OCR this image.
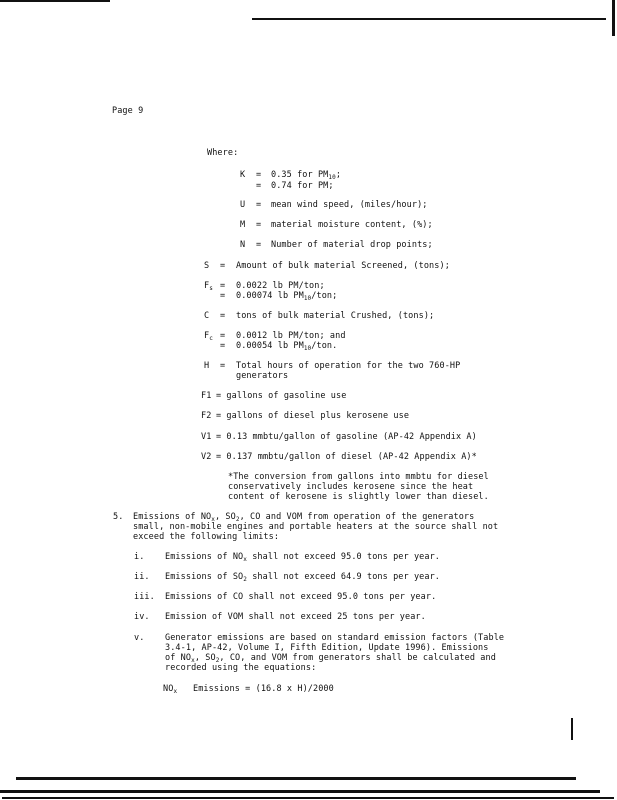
Page 9
Where:
K = 0.35 for $PM_{10}$;
= 0.74 for PM;
U = mean wind speed, (miles/hour);
M = material moisture content, (%);
N = Number of material drop points;
S = Amount of bulk material Screened, (tons);
$F_s = 0.0022$ lb PM/ton;
= 0.00074 lb $PM_{10}$/ton;
C = tons of bulk material Crushed, (tons);
$F_c = 0.0012$ lb PM/ton; and
= 0.00054 lb $PM_{10}$/ton.
H = Total hours of operation for the two 760-HP
generators
F1 = gallons of gasoline use
F2 = gallons of diesel plus kerosene use
V1 = 0.13 mmbtu/gallon of gasoline (AP-42 Appendix A)
V2 = 0.137 mmbtu/gallon of diesel (AP-42 Appendix A)*
*The conversion from gallons into mmbtu for diesel
conservatively includes kerosene since the heat
content of kerosene is slightly lower than diesel.
5. Emissions of $NO_x$, $SO_2$, CO and VOM from operation of the generators
small, non-mobile engines and portable heaters at the source shall not
exceed the following limits:
i. Emissions of $NO_x$ shall not exceed 95.0 tons per year.
ii. Emissions of $SO_2$ shall not exceed 64.9 tons per year.
iii. Emissions of CO shall not exceed 95.0 tons per year.
iv. Emission of VOM shall not exceed 25 tons per year.
v. Generator emissions are based on standard emission factors (Table
3.4-1, AP-42, Volume I, Fifth Edition, Update 1996). Emissions
of $NO_x$, $SO_2$, CO, and VOM from generators shall be calculated and
recorded using the equations:
$NO_x$ Emissions = (16.8 x H)/2000
